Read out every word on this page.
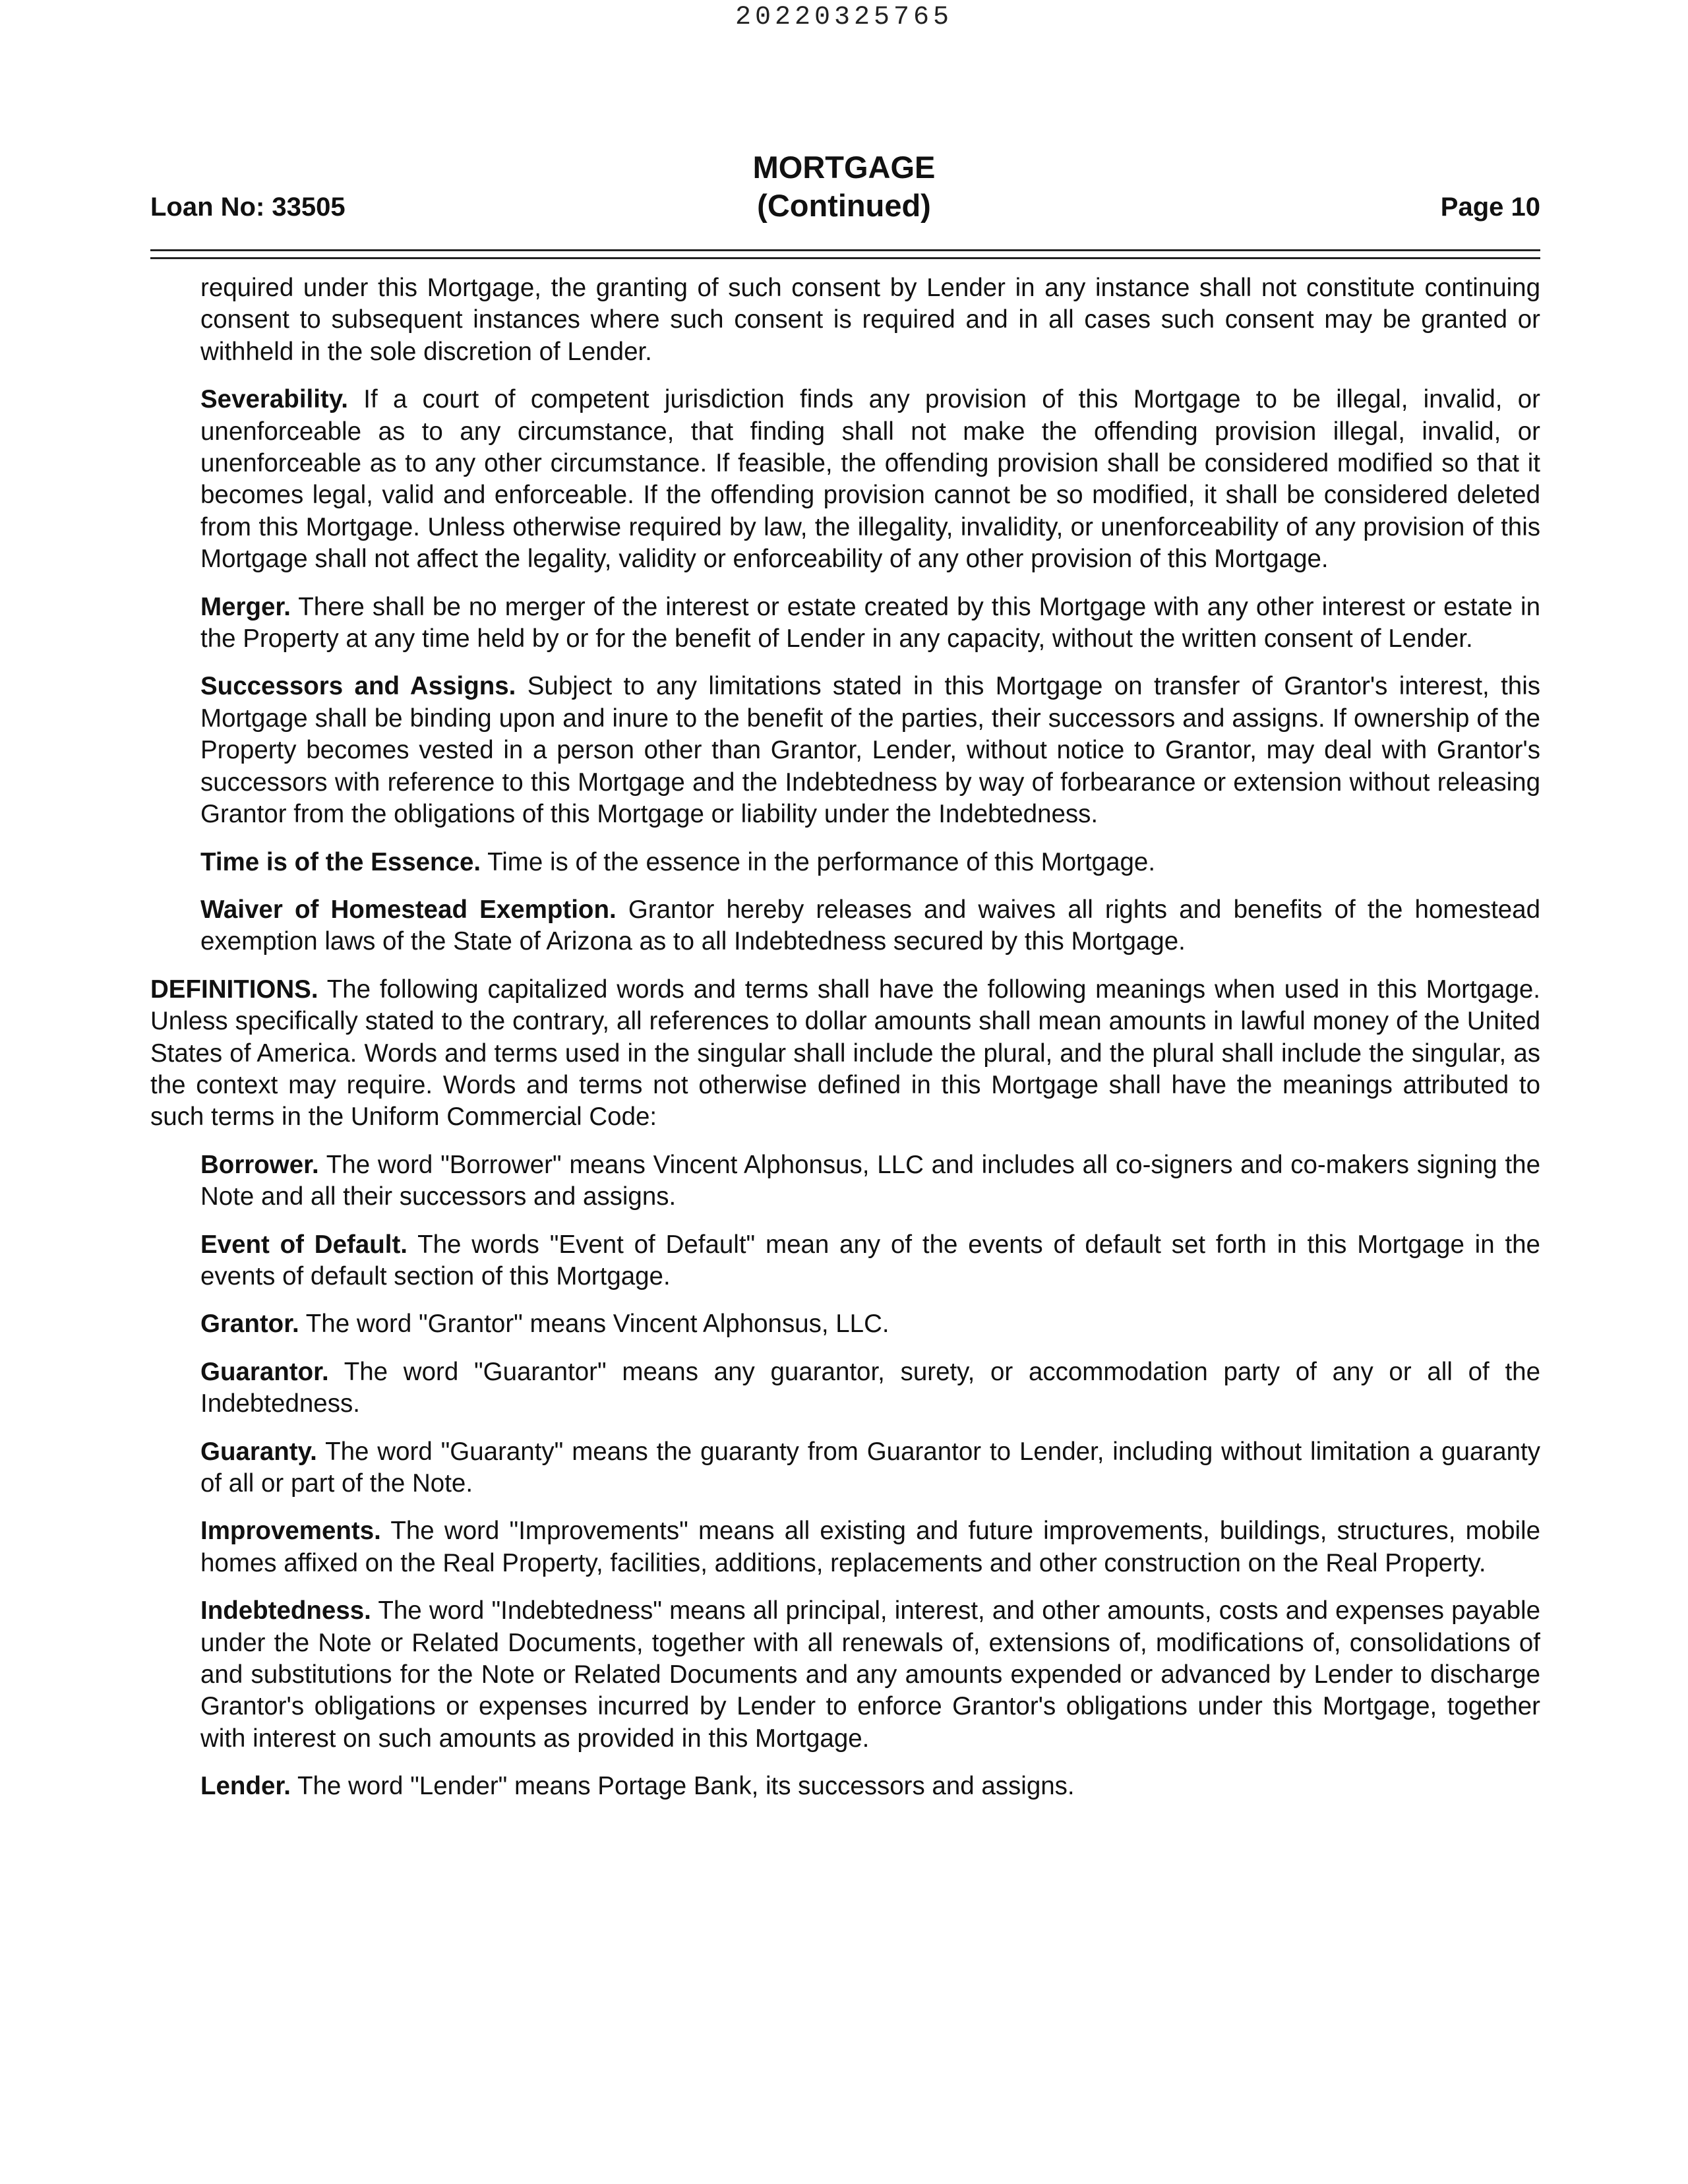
20220325765
MORTGAGE
(Continued)
Loan No: 33505	Page 10

required under this Mortgage, the granting of such consent by Lender in any instance shall not constitute continuing consent to subsequent instances where such consent is required and in all cases such consent may be granted or withheld in the sole discretion of Lender.

Severability. If a court of competent jurisdiction finds any provision of this Mortgage to be illegal, invalid, or unenforceable as to any circumstance, that finding shall not make the offending provision illegal, invalid, or unenforceable as to any other circumstance. If feasible, the offending provision shall be considered modified so that it becomes legal, valid and enforceable. If the offending provision cannot be so modified, it shall be considered deleted from this Mortgage. Unless otherwise required by law, the illegality, invalidity, or unenforceability of any provision of this Mortgage shall not affect the legality, validity or enforceability of any other provision of this Mortgage.

Merger. There shall be no merger of the interest or estate created by this Mortgage with any other interest or estate in the Property at any time held by or for the benefit of Lender in any capacity, without the written consent of Lender.

Successors and Assigns. Subject to any limitations stated in this Mortgage on transfer of Grantor's interest, this Mortgage shall be binding upon and inure to the benefit of the parties, their successors and assigns. If ownership of the Property becomes vested in a person other than Grantor, Lender, without notice to Grantor, may deal with Grantor's successors with reference to this Mortgage and the Indebtedness by way of forbearance or extension without releasing Grantor from the obligations of this Mortgage or liability under the Indebtedness.

Time is of the Essence. Time is of the essence in the performance of this Mortgage.

Waiver of Homestead Exemption. Grantor hereby releases and waives all rights and benefits of the homestead exemption laws of the State of Arizona as to all Indebtedness secured by this Mortgage.

DEFINITIONS. The following capitalized words and terms shall have the following meanings when used in this Mortgage. Unless specifically stated to the contrary, all references to dollar amounts shall mean amounts in lawful money of the United States of America. Words and terms used in the singular shall include the plural, and the plural shall include the singular, as the context may require. Words and terms not otherwise defined in this Mortgage shall have the meanings attributed to such terms in the Uniform Commercial Code:

Borrower. The word "Borrower" means Vincent Alphonsus, LLC and includes all co-signers and co-makers signing the Note and all their successors and assigns.

Event of Default. The words "Event of Default" mean any of the events of default set forth in this Mortgage in the events of default section of this Mortgage.

Grantor. The word "Grantor" means Vincent Alphonsus, LLC.

Guarantor. The word "Guarantor" means any guarantor, surety, or accommodation party of any or all of the Indebtedness.

Guaranty. The word "Guaranty" means the guaranty from Guarantor to Lender, including without limitation a guaranty of all or part of the Note.

Improvements. The word "Improvements" means all existing and future improvements, buildings, structures, mobile homes affixed on the Real Property, facilities, additions, replacements and other construction on the Real Property.

Indebtedness. The word "Indebtedness" means all principal, interest, and other amounts, costs and expenses payable under the Note or Related Documents, together with all renewals of, extensions of, modifications of, consolidations of and substitutions for the Note or Related Documents and any amounts expended or advanced by Lender to discharge Grantor's obligations or expenses incurred by Lender to enforce Grantor's obligations under this Mortgage, together with interest on such amounts as provided in this Mortgage.

Lender. The word "Lender" means Portage Bank, its successors and assigns.
